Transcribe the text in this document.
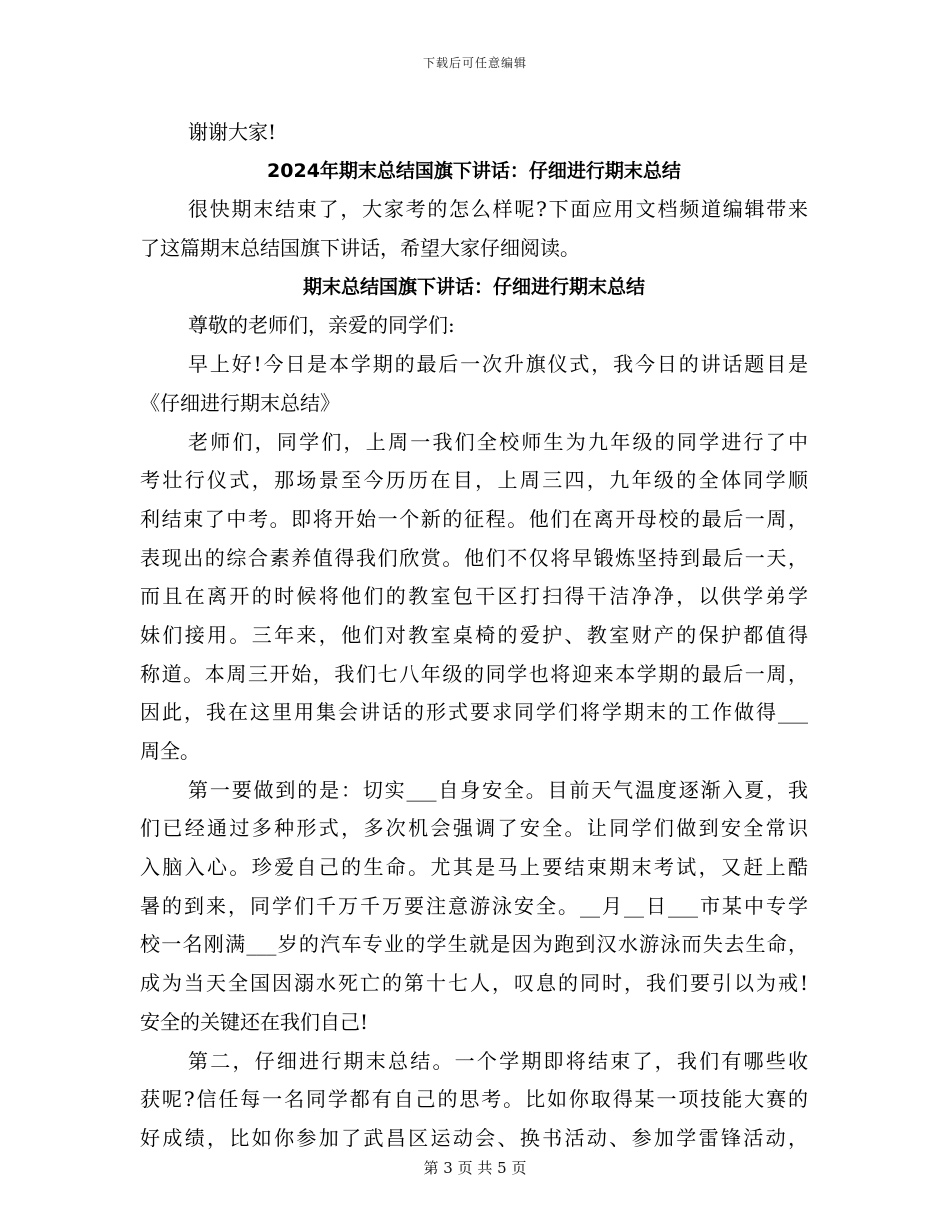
下载后可任意编辑
谢谢大家!
2024年期末总结国旗下讲话：仔细进行期末总结
很快期末结束了，大家考的怎么样呢?下面应用文档频道编辑带来
了这篇期末总结国旗下讲话，希望大家仔细阅读。
期末总结国旗下讲话：仔细进行期末总结
尊敬的老师们，亲爱的同学们:
早上好!今日是本学期的最后一次升旗仪式，我今日的讲话题目是
《仔细进行期末总结》
老师们，同学们，上周一我们全校师生为九年级的同学进行了中
考壮行仪式，那场景至今历历在目，上周三四，九年级的全体同学顺
利结束了中考。即将开始一个新的征程。他们在离开母校的最后一周，
表现出的综合素养值得我们欣赏。他们不仅将早锻炼坚持到最后一天，
而且在离开的时候将他们的教室包干区打扫得干洁净净，以供学弟学
妹们接用。三年来，他们对教室桌椅的爱护、教室财产的保护都值得
称道。本周三开始，我们七八年级的同学也将迎来本学期的最后一周，
因此，我在这里用集会讲话的形式要求同学们将学期末的工作做得___
周全。
第一要做到的是：切实___自身安全。目前天气温度逐渐入夏，我
们已经通过多种形式，多次机会强调了安全。让同学们做到安全常识
入脑入心。珍爱自己的生命。尤其是马上要结束期末考试，又赶上酷
暑的到来，同学们千万千万要注意游泳安全。__月__日___市某中专学
校一名刚满___岁的汽车专业的学生就是因为跑到汉水游泳而失去生命，
成为当天全国因溺水死亡的第十七人，叹息的同时，我们要引以为戒!
安全的关键还在我们自己!
第二，仔细进行期末总结。一个学期即将结束了，我们有哪些收
获呢?信任每一名同学都有自己的思考。比如你取得某一项技能大赛的
好成绩，比如你参加了武昌区运动会、换书活动、参加学雷锋活动，
第 3 页 共 5 页
